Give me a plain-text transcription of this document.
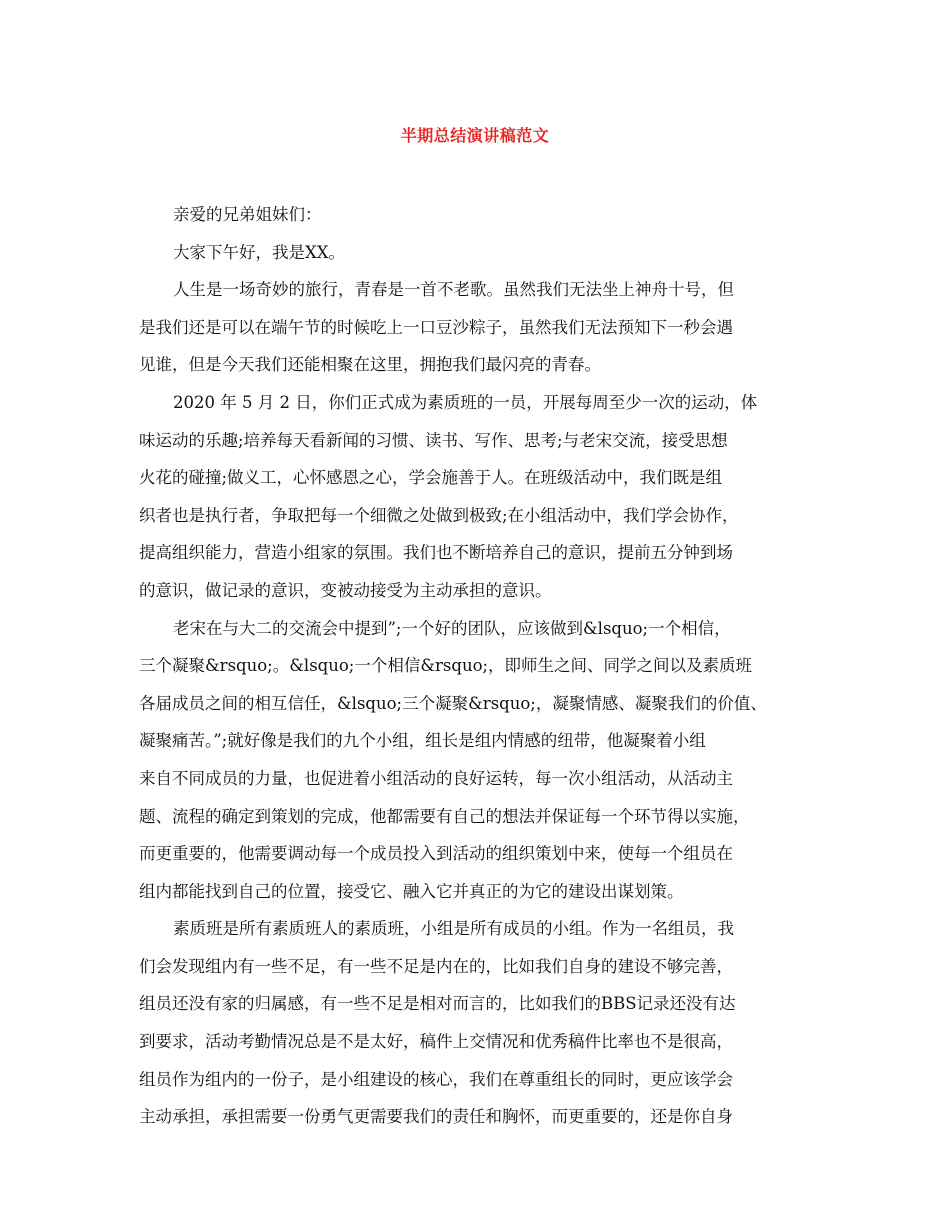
半期总结演讲稿范文
亲爱的兄弟姐妹们：
大家下午好，我是XX。
人生是一场奇妙的旅行，青春是一首不老歌。虽然我们无法坐上神舟十号，但
是我们还是可以在端午节的时候吃上一口豆沙粽子，虽然我们无法预知下一秒会遇
见谁，但是今天我们还能相聚在这里，拥抱我们最闪亮的青春。
2020 年 5 月 2 日，你们正式成为素质班的一员，开展每周至少一次的运动，体
味运动的乐趣;培养每天看新闻的习惯、读书、写作、思考;与老宋交流，接受思想
火花的碰撞;做义工，心怀感恩之心，学会施善于人。在班级活动中，我们既是组
织者也是执行者，争取把每一个细微之处做到极致;在小组活动中，我们学会协作，
提高组织能力，营造小组家的氛围。我们也不断培养自己的意识，提前五分钟到场
的意识，做记录的意识，变被动接受为主动承担的意识。
老宋在与大二的交流会中提到”;一个好的团队，应该做到&lsquo;一个相信，
三个凝聚&rsquo;。&lsquo;一个相信&rsquo;，即师生之间、同学之间以及素质班
各届成员之间的相互信任，&lsquo;三个凝聚&rsquo;，凝聚情感、凝聚我们的价值、
凝聚痛苦。”;就好像是我们的九个小组，组长是组内情感的纽带，他凝聚着小组
来自不同成员的力量，也促进着小组活动的良好运转，每一次小组活动，从活动主
题、流程的确定到策划的完成，他都需要有自己的想法并保证每一个环节得以实施，
而更重要的，他需要调动每一个成员投入到活动的组织策划中来，使每一个组员在
组内都能找到自己的位置，接受它、融入它并真正的为它的建设出谋划策。
素质班是所有素质班人的素质班，小组是所有成员的小组。作为一名组员，我
们会发现组内有一些不足，有一些不足是内在的，比如我们自身的建设不够完善，
组员还没有家的归属感，有一些不足是相对而言的，比如我们的BBS记录还没有达
到要求，活动考勤情况总是不是太好，稿件上交情况和优秀稿件比率也不是很高，
组员作为组内的一份子，是小组建设的核心，我们在尊重组长的同时，更应该学会
主动承担，承担需要一份勇气更需要我们的责任和胸怀，而更重要的，还是你自身
